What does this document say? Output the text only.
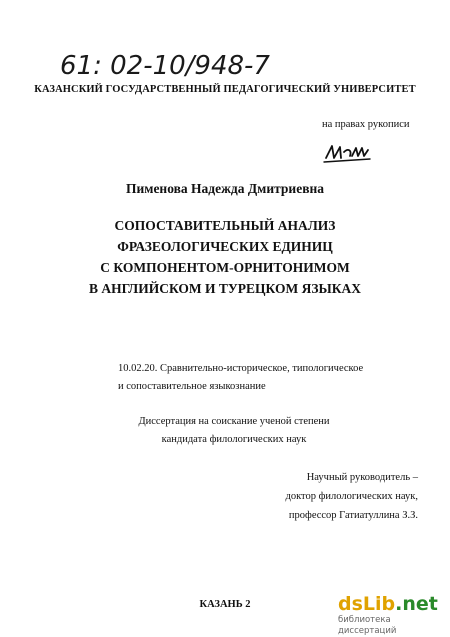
61: 02-10/948-7
КАЗАНСКИЙ ГОСУДАРСТВЕННЫЙ ПЕДАГОГИЧЕСКИЙ УНИВЕРСИТЕТ
на правах рукописи
Пименова Надежда Дмитриевна
СОПОСТАВИТЕЛЬНЫЙ АНАЛИЗ
ФРАЗЕОЛОГИЧЕСКИХ ЕДИНИЦ
С КОМПОНЕНТОМ-ОРНИТОНИМОМ
В АНГЛИЙСКОМ И ТУРЕЦКОМ ЯЗЫКАХ
10.02.20. Сравнительно-историческое, типологическое
и сопоставительное языкознание
Диссертация на соискание ученой степени
кандидата филологических наук
Научный руководитель –
доктор филологических наук,
профессор Гатиатуллина З.З.
КАЗАНЬ 2	dsLib.net
библиотека диссертаций
